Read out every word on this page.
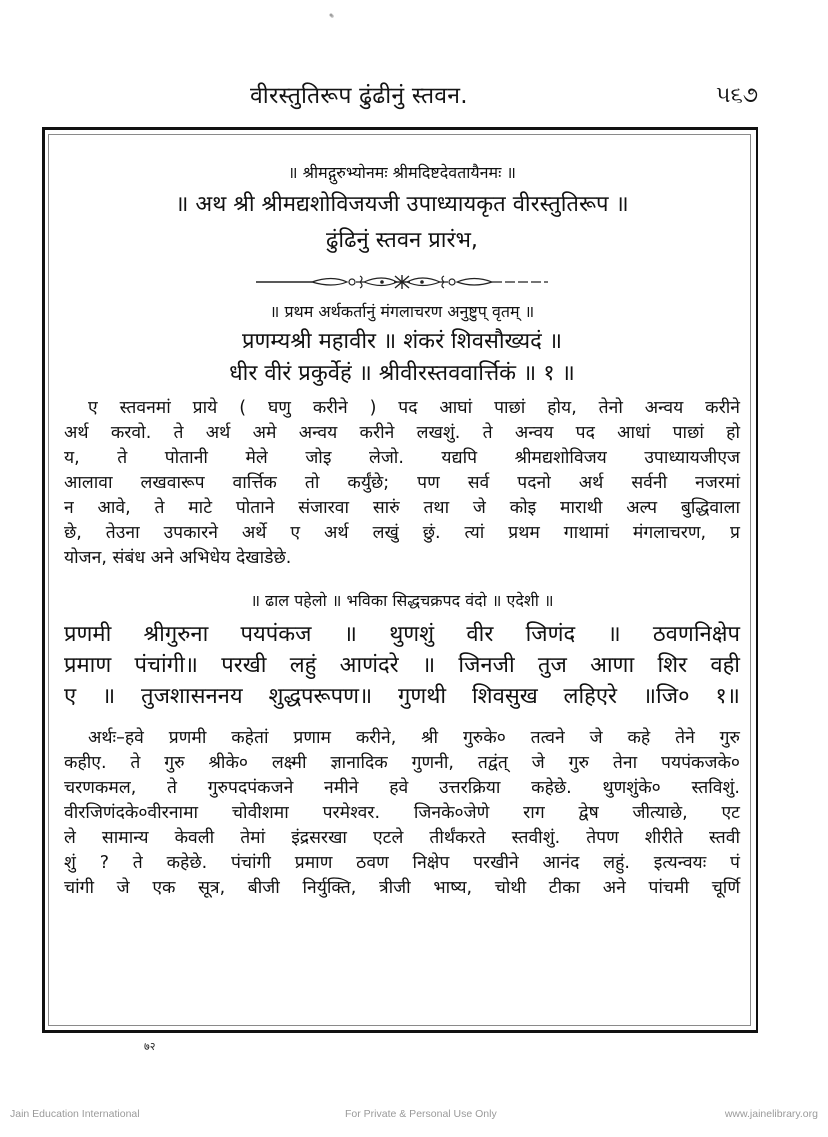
वीरस्तुतिरूप ढुंढीनुं स्तवन.	૫૬૭
॥ श्रीमद्गुरुभ्योनमः श्रीमदिष्टदेवतायैनमः ॥
॥ अथ श्री श्रीमद्यशोविजयजी उपाध्यायकृत वीरस्तुतिरूप ॥
ढुंढिनुं स्तवन प्रारंभ,
॥ प्रथम अर्थकर्तानुं मंगलाचरण अनुष्टुप् वृतम् ॥
प्रणम्यश्री महावीर ॥ शंकरं शिवसौख्यदं ॥
धीर वीरं प्रकुर्वेहं ॥ श्रीवीरस्तववार्त्तिकं ॥ १ ॥
ए स्तवनमां प्राये ( घणु करीने ) पद आघां पाछां होय, तेनो अन्वय करीने
अर्थ करवो. ते अर्थ अमे अन्वय करीने लखशुं. ते अन्वय पद आधां पाछां हो
य, ते पोतानी मेले जोइ लेजो. यद्यपि श्रीमद्यशोविजय उपाध्यायजीएज
आलावा लखवारूप वार्त्तिक तो कर्युंछे; पण सर्व पदनो अर्थ सर्वनी नजरमां
न आवे, ते माटे पोताने संजारवा सारुं तथा जे कोइ माराथी अल्प बुद्धिवाला
छे, तेउना उपकारने अर्थे ए अर्थ लखुं छुं. त्यां प्रथम गाथामां मंगलाचरण, प्र
योजन, संबंध अने अभिधेय देखाडेछे.
॥ ढाल पहेलो ॥ भविका सिद्धचक्रपद वंदो ॥ एदेशी ॥
प्रणमी श्रीगुरुना पयपंकज ॥ थुणशुं वीर जिणंद ॥ ठवणनिक्षेप
प्रमाण पंचांगी॥ परखी लहुं आणंदरे ॥ जिनजी तुज आणा शिर वही
ए ॥ तुजशासननय शुद्धपरूपण॥ गुणथी शिवसुख लहिएरे ॥जि० १॥
अर्थः–हवे प्रणमी कहेतां प्रणाम करीने, श्री गुरुके० तत्वने जे कहे तेने गुरु
कहीए. ते गुरु श्रीके० लक्ष्मी ज्ञानादिक गुणनी, तद्वंत् जे गुरु तेना पयपंकजके०
चरणकमल, ते गुरुपदपंकजने नमीने हवे उत्तरक्रिया कहेछे. थुणशुंके० स्तविशुं.
वीरजिणंदके०वीरनामा चोवीशमा परमेश्वर. जिनके०जेणे राग द्वेष जीत्याछे, एट
ले सामान्य केवली तेमां इंद्रसरखा एटले तीर्थंकरते स्तवीशुं. तेपण शीरीते स्तवी
शुं ? ते कहेछे. पंचांगी प्रमाण ठवण निक्षेप परखीने आनंद लहुं. इत्यन्वयः पं
चांगी जे एक सूत्र, बीजी निर्युक्ति, त्रीजी भाष्य, चोथी टीका अने पांचमी चूर्णि
७२
Jain Education International	For Private & Personal Use Only	www.jainelibrary.org
